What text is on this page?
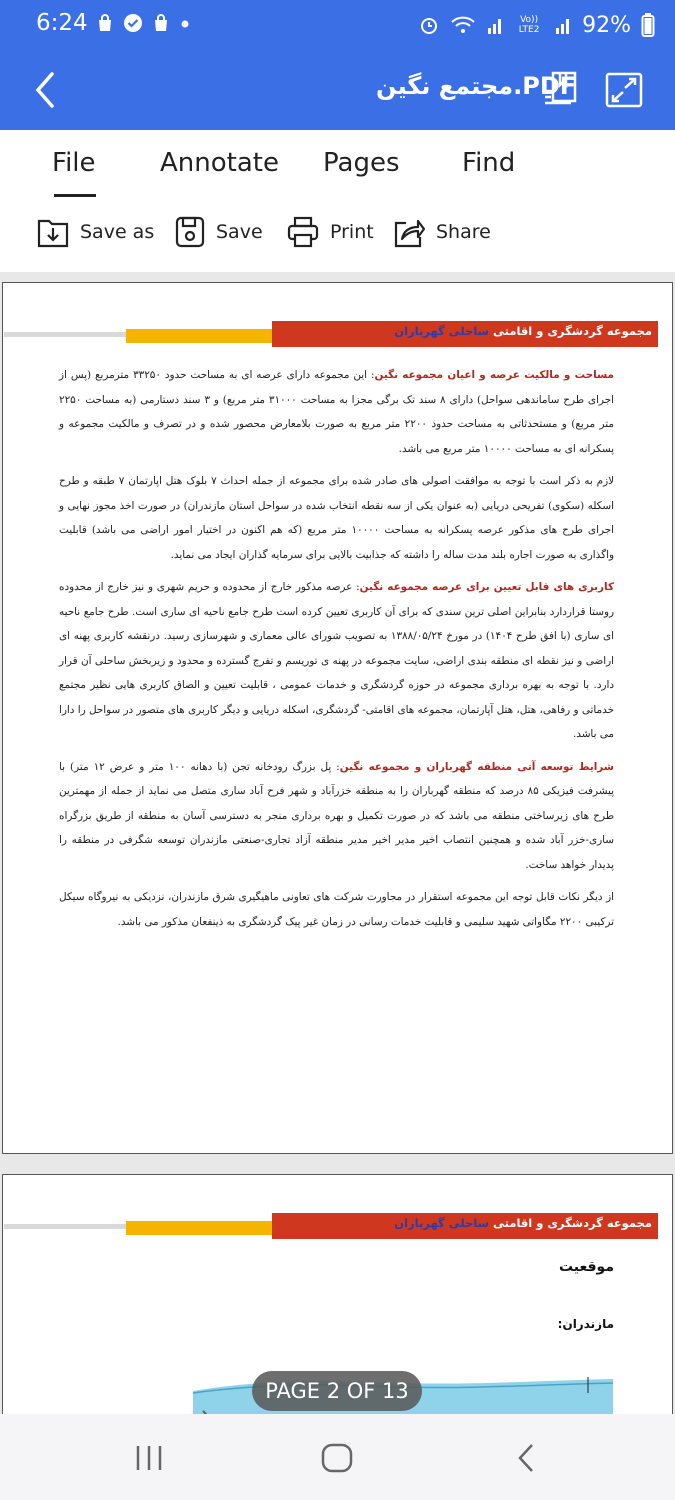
6:24	Vo)) LTE2 92%
مجتمع نگین.PDF
File Annotate Pages Find
Save as	Save	Print	Share
مجموعه گردشگری و اقامتی ساحلی گهرباران

مساحت و مالکیت عرصه و اعیان مجموعه نگین: این مجموعه دارای عرصه ای به مساحت حدود ۳۳۲۵۰ مترمربع (پس از اجرای طرح ساماندهی سواحل) دارای ۸ سند تک برگی مجزا به مساحت ۳۱۰۰۰ متر مربع) و ۳ سند دستارمی (به مساحت ۲۲۵۰ متر مربع) و مستحدثاتی به مساحت حدود ۲۲۰۰ متر مربع به صورت بلامعارض محصور شده و در تصرف و مالکیت مجموعه و پسکرانه ای به مساحت ۱۰۰۰۰ متر مربع می باشد.

لازم به ذکر است با توجه به موافقت اصولی های صادر شده برای مجموعه از جمله احداث ۷ بلوک هتل اپارتمان ۷ طبقه و طرح اسکله (سکوی) تفریحی دریایی (به عنوان یکی از سه نقطه انتخاب شده در سواحل استان مازندران) در صورت اخذ مجوز نهایی و اجرای طرح های مذکور عرصه پسکرانه به مساحت ۱۰۰۰۰ متر مربع (که هم اکنون در اختیار امور اراضی می باشد) قابلیت واگذاری به صورت اجاره بلند مدت ساله را داشته که جذابیت بالایی برای سرمایه گذاران ایجاد می نماید.

کاربری های قابل تعیین برای عرصه مجموعه نگین: عرصه مذکور خارج از محدوده و حریم شهری و نیز خارج از محدوده روستا قراردارد بنابراین اصلی ترین سندی که برای آن کاربری تعیین کرده است طرح جامع ناحیه ای ساری است. طرح جامع ناحیه ای ساری (با افق طرح ۱۴۰۴) در مورخ ۱۳۸۸/۰۵/۲۴ به تصویب شورای عالی معماری و شهرسازی رسید. درنقشه کاربری پهنه ای اراضی و نیز نقطه ای منطقه بندی اراضی، سایت مجموعه در پهنه ی توریسم و تفرج گسترده و محدود و زیربخش ساحلی آن قرار دارد. با توجه به بهره برداری مجموعه در حوزه گردشگری و خدمات عمومی ، قابلیت تعیین و الصاق کاربری هایی نظیر مجتمع خدماتی و رفاهی، هتل، هتل آپارتمان، مجموعه های اقامتی- گردشگری، اسکله دریایی و دیگر کاربری های متصور در سواحل را دارا می باشد.

شرایط توسعه آتی منطقه گهرباران و مجموعه نگین: پل بزرگ رودخانه تجن (با دهانه ۱۰۰ متر و عرض ۱۲ متر) با پیشرفت فیزیکی ۸۵ درصد که منطقه گهرباران را به منطقه خزرآباد و شهر فرح آباد ساری متصل می نماید از جمله از مهمترین طرح های زیرساختی منطقه می باشد که در صورت تکمیل و بهره برداری منجر به دسترسی آسان به منطقه از طریق بزرگراه ساری-خزر آباد شده و همچنین انتصاب اخیر مدیر اخیر مدیر منطقه آزاد تجاری-صنعتی مازندران توسعه شگرفی در منطقه را پدیدار خواهد ساخت.

از دیگر نکات قابل توجه این مجموعه استقرار در مجاورت شرکت های تعاونی ماهیگیری شرق مازندران، نزدیکی به نیروگاه سیکل ترکیبی ۲۲۰۰ مگاواتی شهید سلیمی و قابلیت خدمات رسانی در زمان غیر پیک گردشگری به ذینفعان مذکور می باشد.

مجموعه گردشگری و اقامتی ساحلی گهرباران
موقعیت
مازندران:
PAGE 2 OF 13
